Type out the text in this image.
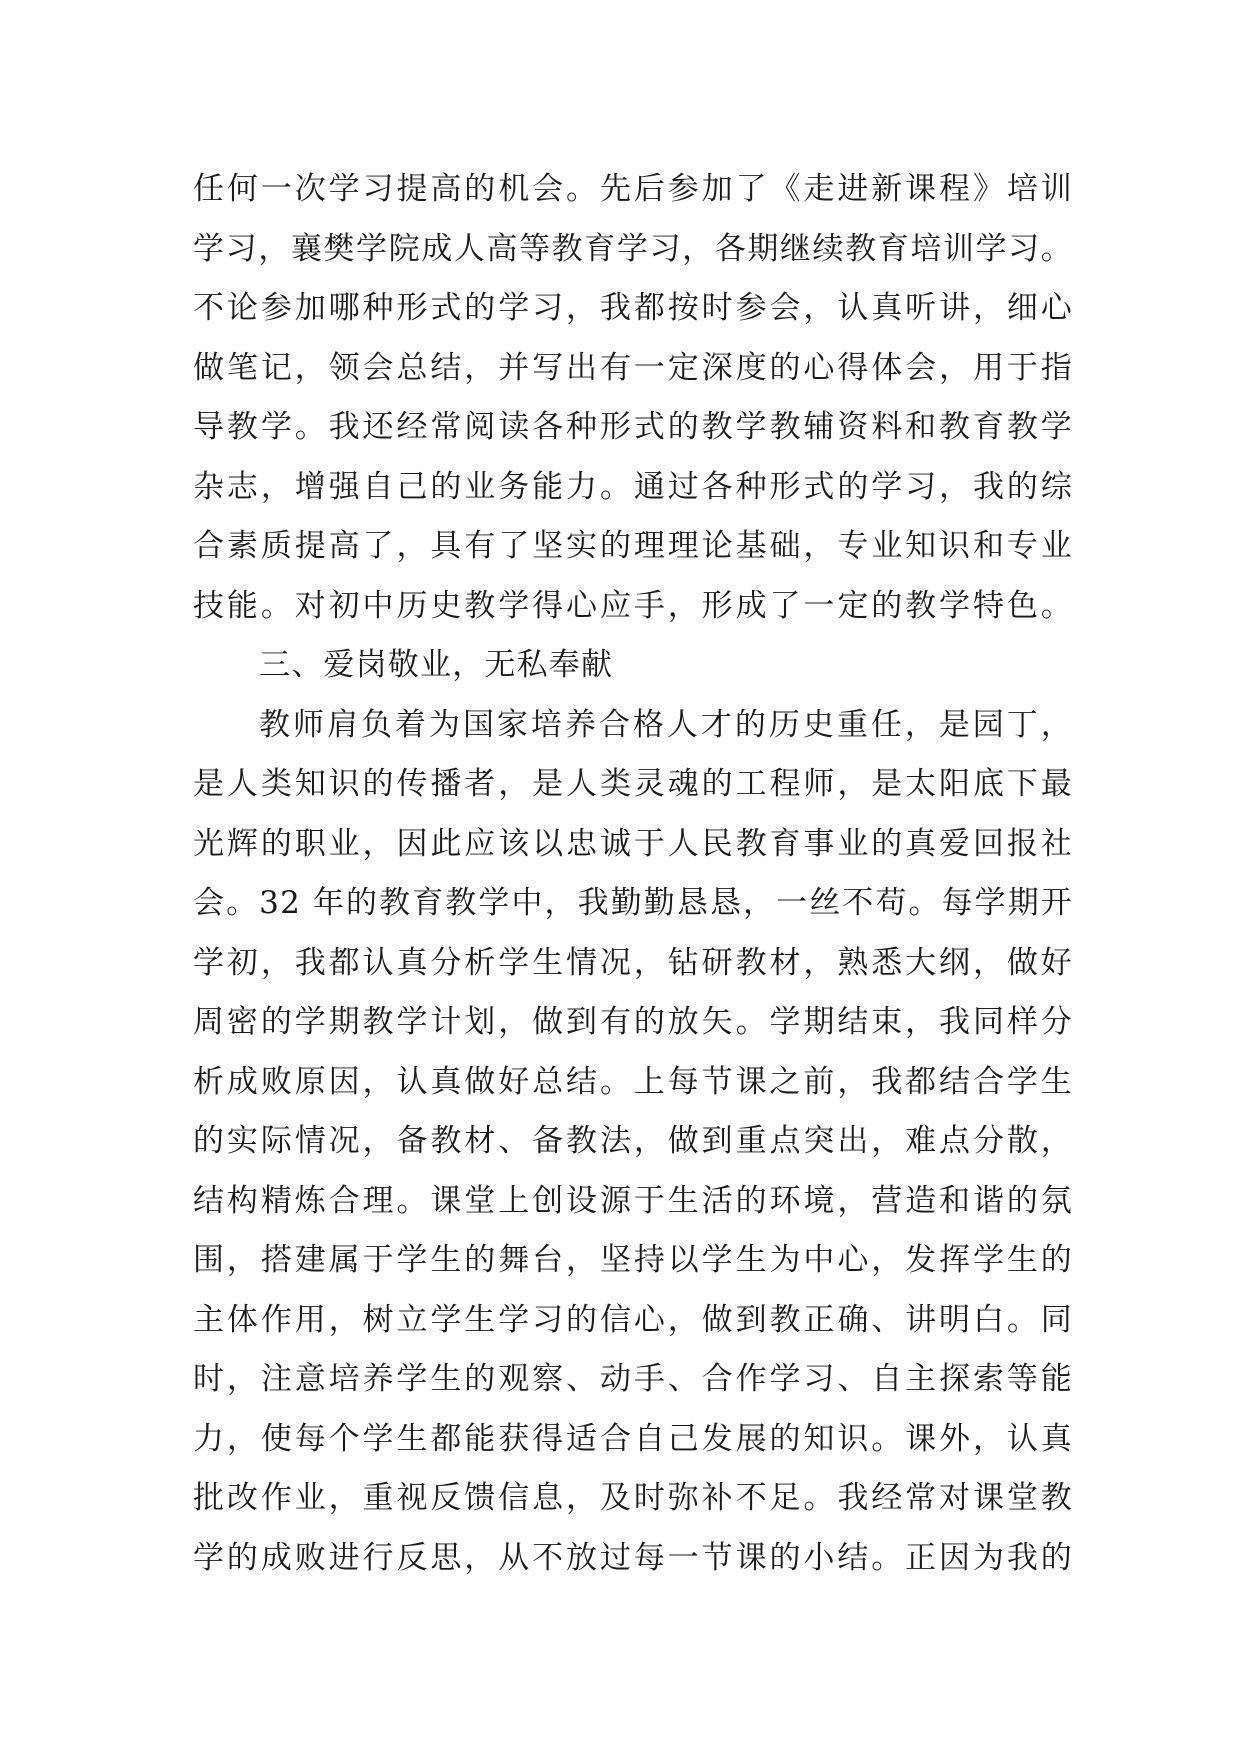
任何一次学习提高的机会。先后参加了《走进新课程》培训
学习，襄樊学院成人高等教育学习，各期继续教育培训学习。
不论参加哪种形式的学习，我都按时参会，认真听讲，细心
做笔记，领会总结，并写出有一定深度的心得体会，用于指
导教学。我还经常阅读各种形式的教学教辅资料和教育教学
杂志，增强自己的业务能力。通过各种形式的学习，我的综
合素质提高了，具有了坚实的理理论基础，专业知识和专业
技能。对初中历史教学得心应手，形成了一定的教学特色。
三、爱岗敬业，无私奉献
教师肩负着为国家培养合格人才的历史重任，是园丁，
是人类知识的传播者，是人类灵魂的工程师，是太阳底下最
光辉的职业，因此应该以忠诚于人民教育事业的真爱回报社
会。32 年的教育教学中，我勤勤恳恳，一丝不苟。每学期开
学初，我都认真分析学生情况，钻研教材，熟悉大纲，做好
周密的学期教学计划，做到有的放矢。学期结束，我同样分
析成败原因，认真做好总结。上每节课之前，我都结合学生
的实际情况，备教材、备教法，做到重点突出，难点分散，
结构精炼合理。课堂上创设源于生活的环境，营造和谐的氛
围，搭建属于学生的舞台，坚持以学生为中心，发挥学生的
主体作用，树立学生学习的信心，做到教正确、讲明白。同
时，注意培养学生的观察、动手、合作学习、自主探索等能
力，使每个学生都能获得适合自己发展的知识。课外，认真
批改作业，重视反馈信息，及时弥补不足。我经常对课堂教
学的成败进行反思，从不放过每一节课的小结。正因为我的
